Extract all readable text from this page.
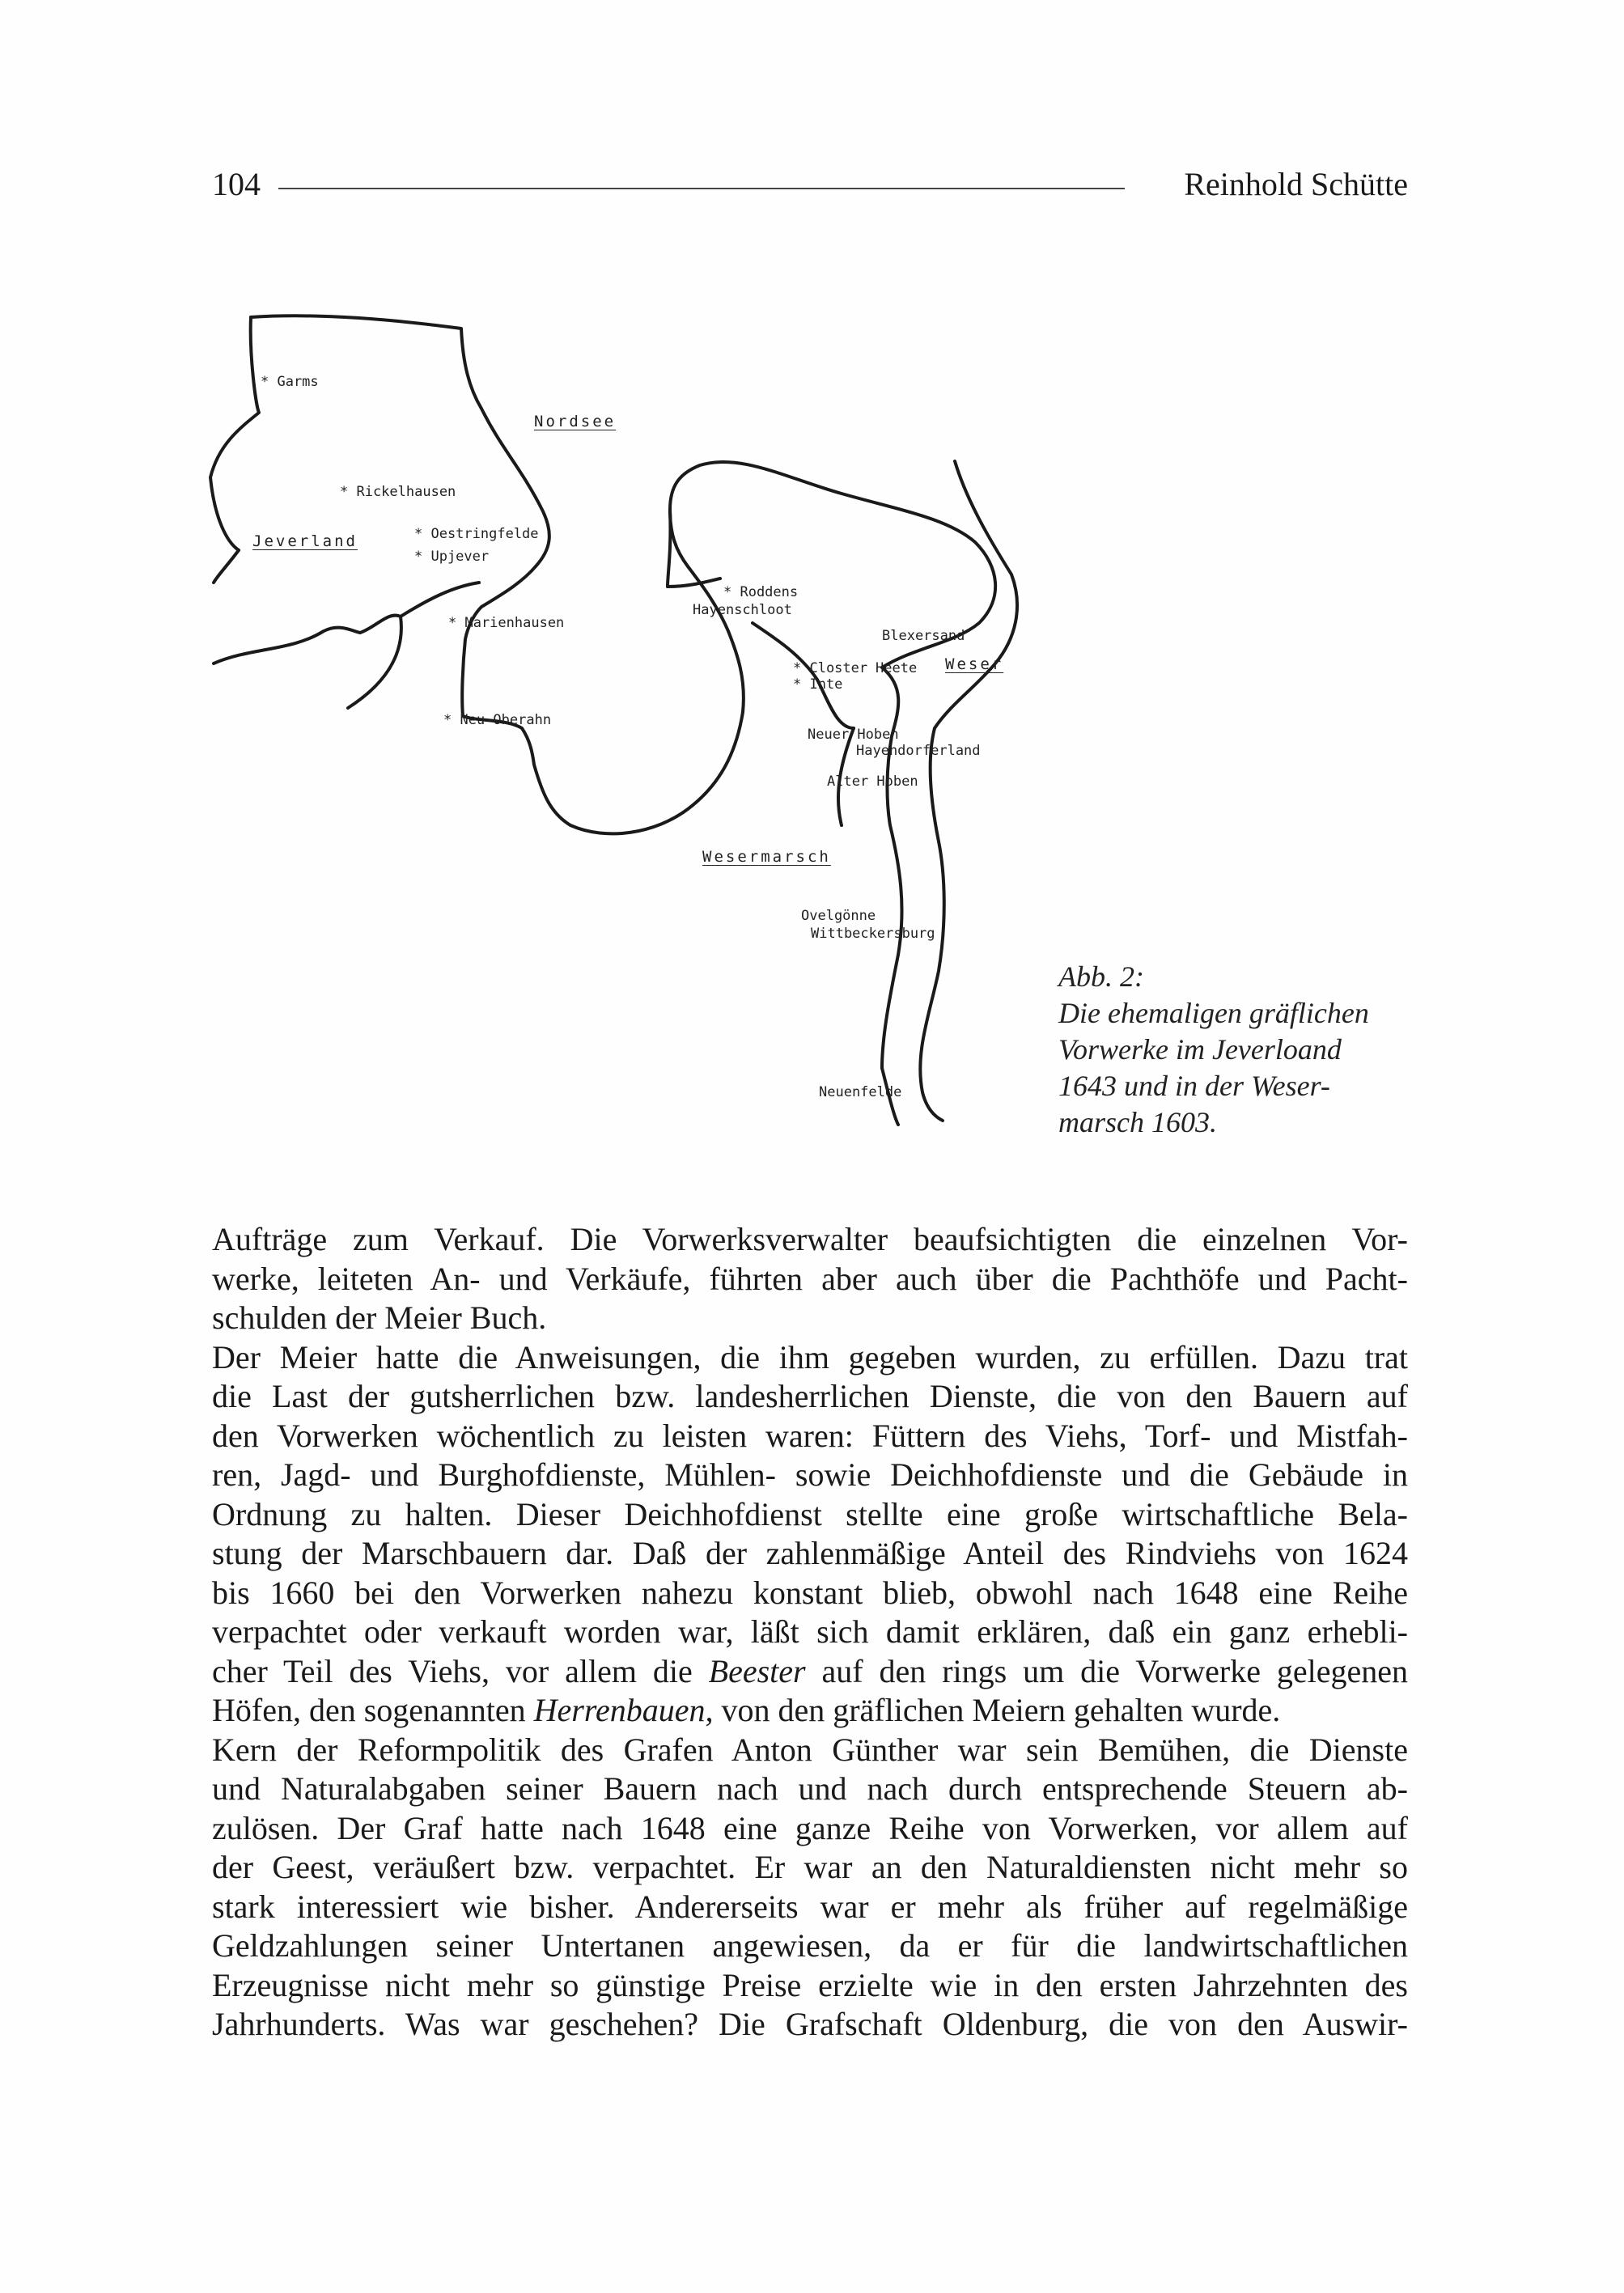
104	Reinhold Schütte
Nordsee
Jeverland
Wesermarsch
Weser
* Garms
* Rickelhausen
* Oestringfelde
* Upjever
* Marienhausen
* Neu-Oberahn
* Roddens
Hayenschloot
Blexersand
* Closter
* Inte
Heete
Neuer Hoben
Hayendorferland
Alter Hoben
Ovelgönne
Wittbeckersburg
Neuenfelde
Abb. 2:
Die ehemaligen gräflichen
Vorwerke im Jeverloand
1643 und in der Weser-
marsch 1603.
Aufträge zum Verkauf. Die Vorwerksverwalter beaufsichtigten die einzelnen Vor-
werke, leiteten An- und Verkäufe, führten aber auch über die Pachthöfe und Pacht-
schulden der Meier Buch.
Der Meier hatte die Anweisungen, die ihm gegeben wurden, zu erfüllen. Dazu trat
die Last der gutsherrlichen bzw. landesherrlichen Dienste, die von den Bauern auf
den Vorwerken wöchentlich zu leisten waren: Füttern des Viehs, Torf- und Mistfah-
ren, Jagd- und Burghofdienste, Mühlen- sowie Deichhofdienste und die Gebäude in
Ordnung zu halten. Dieser Deichhofdienst stellte eine große wirtschaftliche Bela-
stung der Marschbauern dar. Daß der zahlenmäßige Anteil des Rindviehs von 1624
bis 1660 bei den Vorwerken nahezu konstant blieb, obwohl nach 1648 eine Reihe
verpachtet oder verkauft worden war, läßt sich damit erklären, daß ein ganz erhebli-
cher Teil des Viehs, vor allem die Beester auf den rings um die Vorwerke gelegenen
Höfen, den sogenannten Herrenbauen, von den gräflichen Meiern gehalten wurde.
Kern der Reformpolitik des Grafen Anton Günther war sein Bemühen, die Dienste
und Naturalabgaben seiner Bauern nach und nach durch entsprechende Steuern ab-
zulösen. Der Graf hatte nach 1648 eine ganze Reihe von Vorwerken, vor allem auf
der Geest, veräußert bzw. verpachtet. Er war an den Naturaldiensten nicht mehr so
stark interessiert wie bisher. Andererseits war er mehr als früher auf regelmäßige
Geldzahlungen seiner Untertanen angewiesen, da er für die landwirtschaftlichen
Erzeugnisse nicht mehr so günstige Preise erzielte wie in den ersten Jahrzehnten des
Jahrhunderts. Was war geschehen? Die Grafschaft Oldenburg, die von den Auswir-
